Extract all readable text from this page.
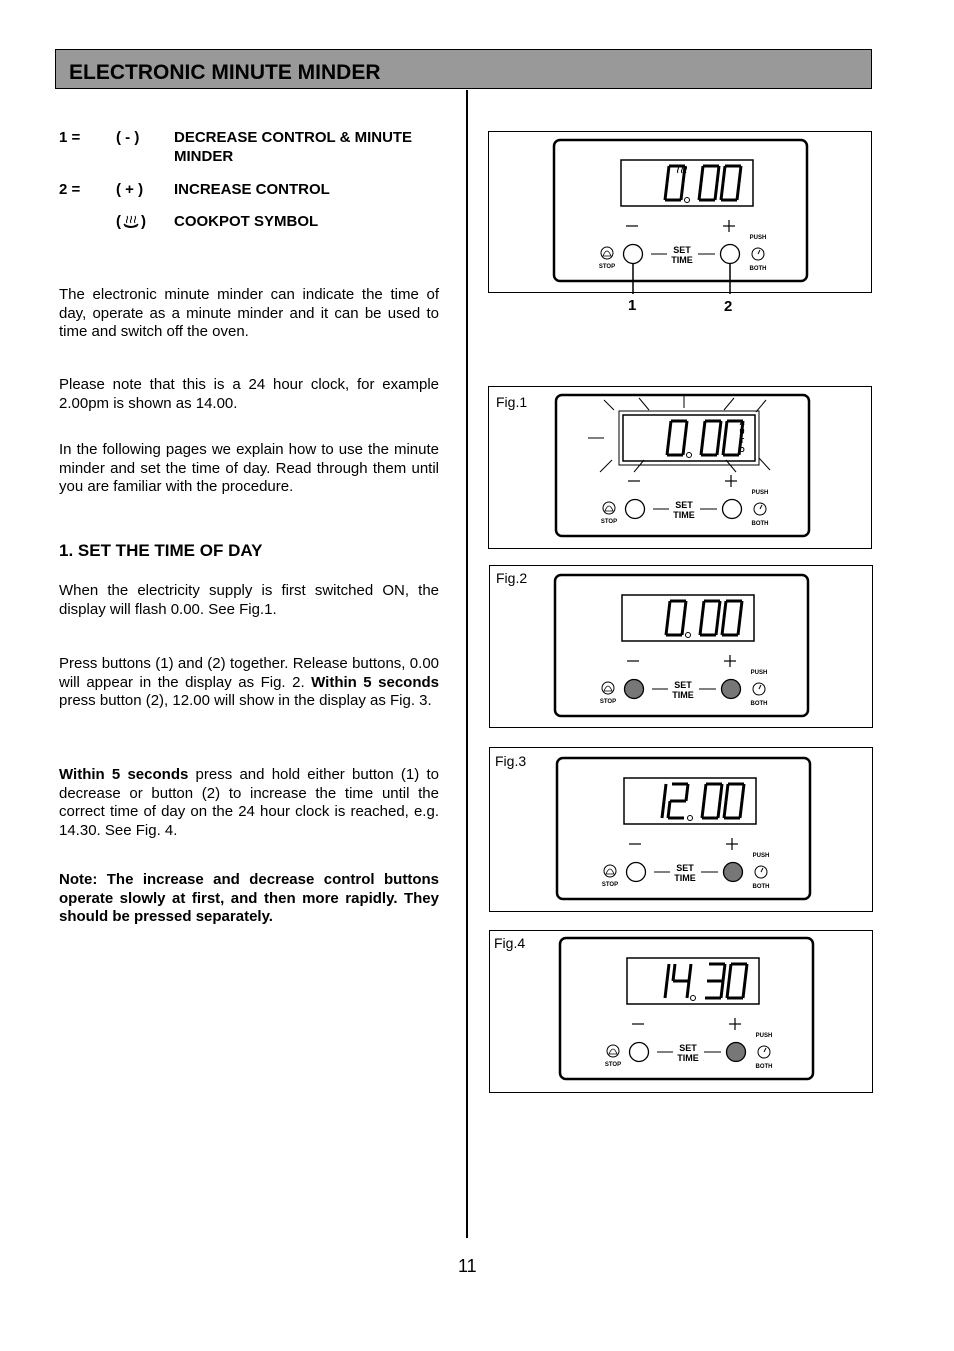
ELECTRONIC MINUTE MINDER
1 = ( - ) DECREASE CONTROL & MINUTE MINDER
2 = ( + ) INCREASE CONTROL
( ) COOKPOT SYMBOL

The electronic minute minder can indicate the time of day, operate as a minute minder and it can be used to time and switch off the oven.

Please note that this is a 24 hour clock, for example 2.00pm is shown as 14.00.

In the following pages we explain how to use the minute minder and set the time of day. Read through them until you are familiar with the procedure.

1. SET THE TIME OF DAY

When the electricity supply is first switched ON, the display will flash 0.00. See Fig.1.

Press buttons (1) and (2) together. Release buttons, 0.00 will appear in the display as Fig. 2. Within 5 seconds press button (2), 12.00 will show in the display as Fig. 3.

Within 5 seconds press and hold either button (1) to decrease or button (2) to increase the time until the correct time of day on the 24 hour clock is reached, e.g. 14.30. See Fig. 4.

Note: The increase and decrease control buttons operate slowly at first, and then more rapidly. They should be pressed separately.

SET
TIME
STOP
PUSH
BOTH
1	2
A
U
T
O
SET
TIME
STOP
PUSH
BOTH
Fig.1
SET
TIME
STOP
PUSH
BOTH
Fig.2
SET
TIME
STOP
PUSH
BOTH
Fig.3
SET
TIME
STOP
PUSH
BOTH
Fig.4
11
